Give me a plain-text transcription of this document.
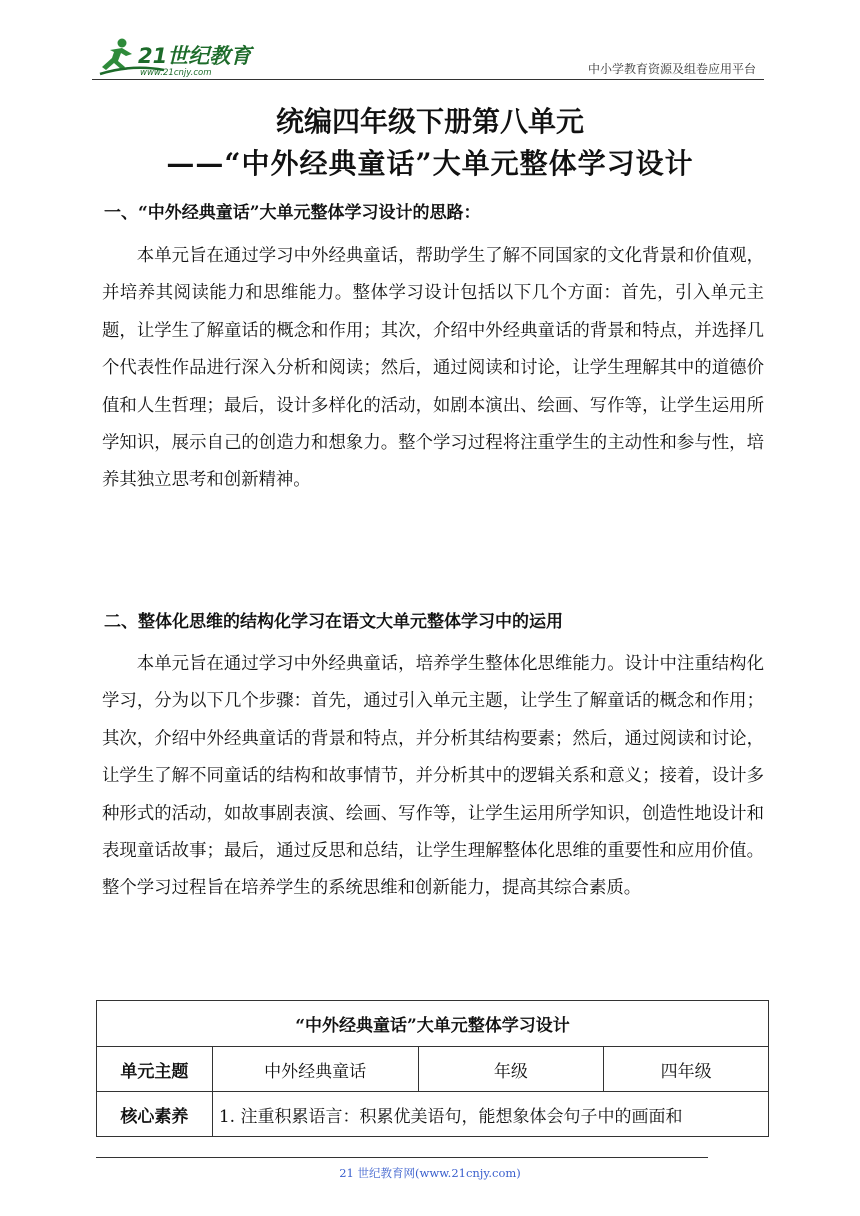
21世纪教育
www.21cnjy.com	中小学教育资源及组卷应用平台
统编四年级下册第八单元
——“中外经典童话”大单元整体学习设计
一、“中外经典童话”大单元整体学习设计的思路：

本单元旨在通过学习中外经典童话，帮助学生了解不同国家的文化背景和价值观，并培养其阅读能力和思维能力。整体学习设计包括以下几个方面：首先，引入单元主题，让学生了解童话的概念和作用；其次，介绍中外经典童话的背景和特点，并选择几个代表性作品进行深入分析和阅读；然后，通过阅读和讨论，让学生理解其中的道德价值和人生哲理；最后，设计多样化的活动，如剧本演出、绘画、写作等，让学生运用所学知识，展示自己的创造力和想象力。整个学习过程将注重学生的主动性和参与性，培养其独立思考和创新精神。

二、整体化思维的结构化学习在语文大单元整体学习中的运用

本单元旨在通过学习中外经典童话，培养学生整体化思维能力。设计中注重结构化学习，分为以下几个步骤：首先，通过引入单元主题，让学生了解童话的概念和作用；其次，介绍中外经典童话的背景和特点，并分析其结构要素；然后，通过阅读和讨论，让学生了解不同童话的结构和故事情节，并分析其中的逻辑关系和意义；接着，设计多种形式的活动，如故事剧表演、绘画、写作等，让学生运用所学知识，创造性地设计和表现童话故事；最后，通过反思和总结，让学生理解整体化思维的重要性和应用价值。整个学习过程旨在培养学生的系统思维和创新能力，提高其综合素质。

“中外经典童话”大单元整体学习设计			
单元主题	中外经典童话	年级	四年级
核心素养	1. 注重积累语言：积累优美语句，能想象体会句子中的画面和		
21 世纪教育网(www.21cnjy.com)
